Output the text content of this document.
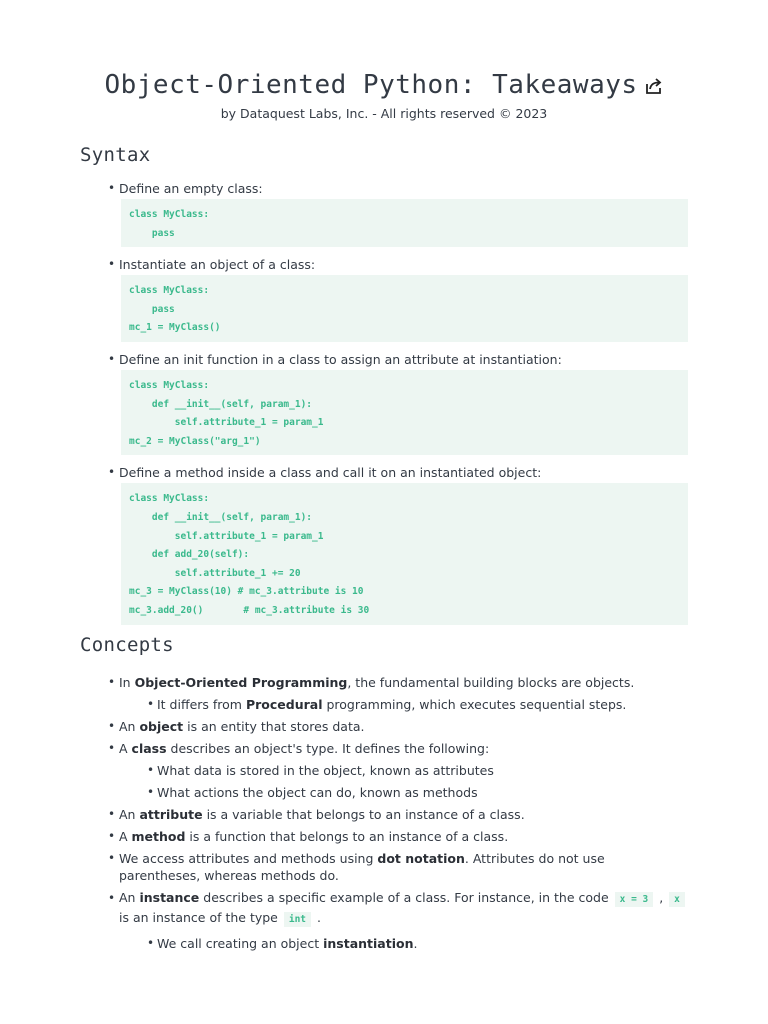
Object-Oriented Python: Takeaways
by Dataquest Labs, Inc. - All rights reserved © 2023
Syntax
• Define an empty class:
class MyClass:
pass
• Instantiate an object of a class:
class MyClass:
pass
mc_1 = MyClass()
• Define an init function in a class to assign an attribute at instantiation:
class MyClass:
def __init__(self, param_1):
self.attribute_1 = param_1
mc_2 = MyClass("arg_1")
• Define a method inside a class and call it on an instantiated object:
class MyClass:
def __init__(self, param_1):
self.attribute_1 = param_1
def add_20(self):
self.attribute_1 += 20
mc_3 = MyClass(10) # mc_3.attribute is 10
mc_3.add_20()       # mc_3.attribute is 30
Concepts
• In Object-Oriented Programming, the fundamental building blocks are objects.
• It differs from Procedural programming, which executes sequential steps.
• An object is an entity that stores data.
• A class describes an object's type. It defines the following:
• What data is stored in the object, known as attributes
• What actions the object can do, known as methods
• An attribute is a variable that belongs to an instance of a class.
• A method is a function that belongs to an instance of a class.
• We access attributes and methods using dot notation. Attributes do not use parentheses, whereas methods do.
• An instance describes a specific example of a class. For instance, in the code x = 3 , x is an instance of the type int .
• We call creating an object instantiation.
